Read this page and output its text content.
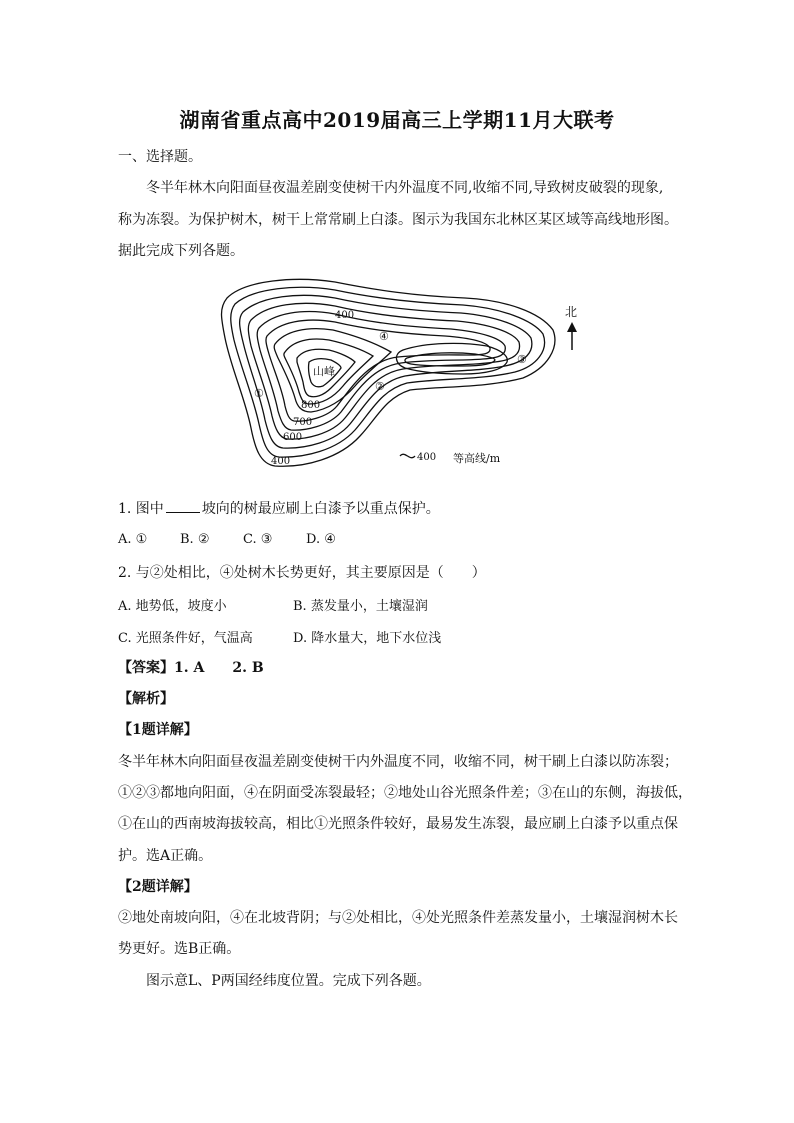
湖南省重点高中2019届高三上学期11月大联考
一、选择题。
冬半年林木向阳面昼夜温差剧变使树干内外温度不同,收缩不同,导致树皮破裂的现象,
称为冻裂。为保护树木，树干上常常刷上白漆。图示为我国东北林区某区域等高线地形图。
据此完成下列各题。
北
山峰
400
800
700
600
400
①
②
③
④
400 等高线/m
1. 图中	坡向的树最应刷上白漆予以重点保护。
A. ①	B. ②	C. ③	D. ④
2. 与②处相比，④处树木长势更好，其主要原因是（　　）
A. 地势低，坡度小	B. 蒸发量小，土壤湿润
C. 光照条件好，气温高	D. 降水量大，地下水位浅
【答案】1. A　　2. B
【解析】
【1题详解】
冬半年林木向阳面昼夜温差剧变使树干内外温度不同，收缩不同，树干刷上白漆以防冻裂；
①②③都地向阳面，④在阴面受冻裂最轻；②地处山谷光照条件差；③在山的东侧，海拔低，
①在山的西南坡海拔较高，相比①光照条件较好，最易发生冻裂，最应刷上白漆予以重点保
护。选A正确。
【2题详解】
②地处南坡向阳，④在北坡背阴；与②处相比，④处光照条件差蒸发量小，土壤湿润树木长
势更好。选B正确。
图示意L、P两国经纬度位置。完成下列各题。
